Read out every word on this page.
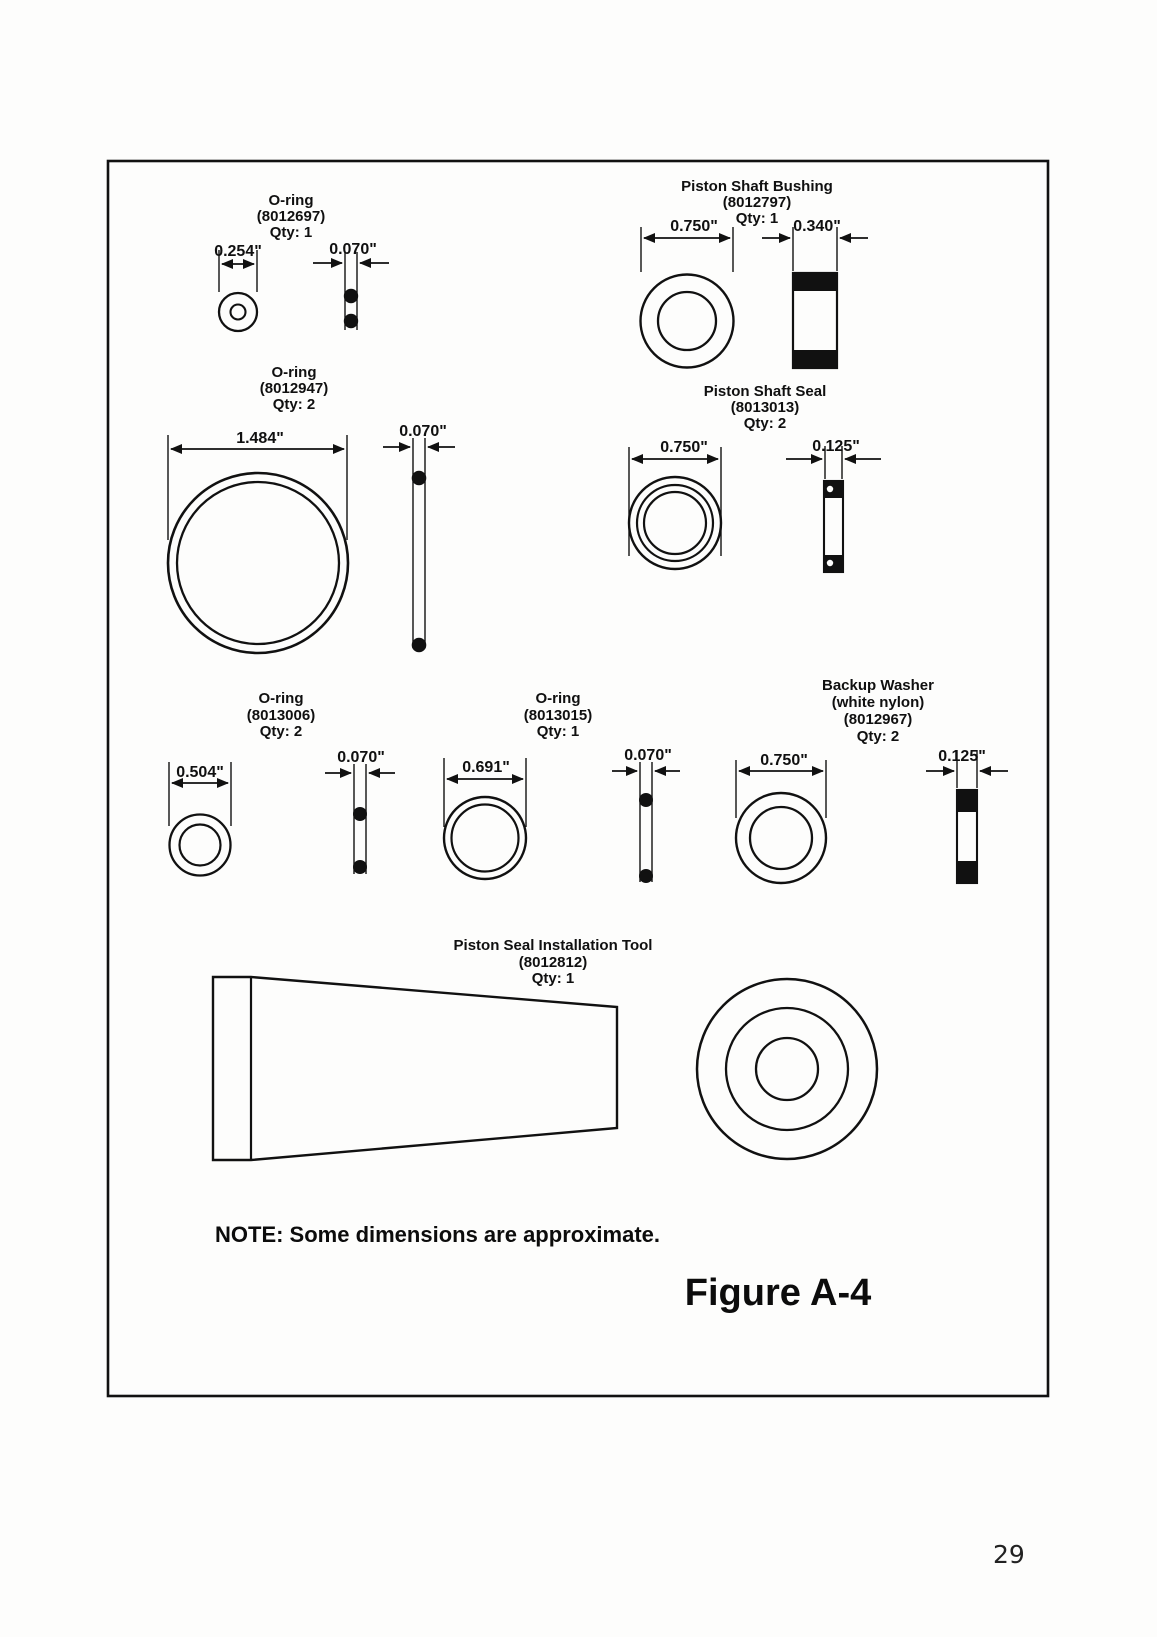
O-ring
(8012697)
Qty: 1
0.254"	0.070"
Piston Shaft Bushing
(8012797)
Qty: 1
0.750"	0.340"
O-ring
(8012947)
Qty: 2
1.484"	0.070"
Piston Shaft Seal
(8013013)
Qty: 2
0.750"	0.125"
O-ring
(8013006)
Qty: 2
0.504"
0.070"
O-ring
(8013015)
Qty: 1
0.691"
0.070"
Backup Washer
(white nylon)
(8012967)
Qty: 2
0.750"	0.125"
Piston Seal Installation Tool
(8012812)
Qty: 1
NOTE: Some dimensions are approximate.
Figure A-4
29
